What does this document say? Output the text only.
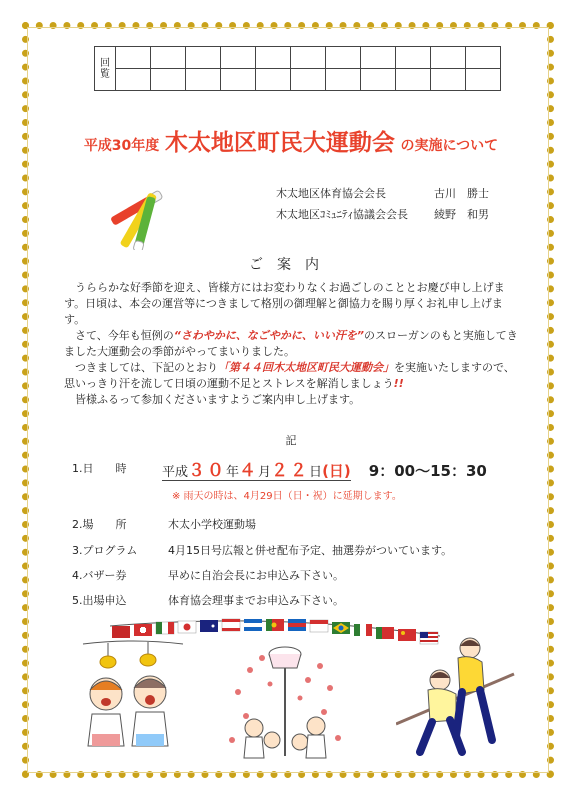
回
覧											

平成30年度 木太地区町民大運動会 の実施について
木太地区体育協会会長	古川　勝士
木太地区ｺﾐｭﾆﾃｨ協議会会長 綾野　和男
ご案内

　うららかな好季節を迎え、皆様方にはお変わりなくお過ごしのこととお慶び申し上げます。日頃は、本会の運営等につきまして格別の御理解と御協力を賜り厚くお礼申し上げます。

　さて、今年も恒例の“さわやかに、なごやかに、いい汗を”のスローガンのもと実施してきました大運動会の季節がやってまいりました。

　つきましては、下記のとおり「第４４回木太地区町民大運動会」を実施いたしますので、思いっきり汗を流して日頃の運動不足とストレスを解消しましょう!!

　皆様ふるって参加くださいますようご案内申し上げます。

記
1.日　　時	平成３０年４月２２日(日) 9：00〜15：30
※ 雨天の時は、4月29日（日・祝）に延期します。
2.場　　所	木太小学校運動場
3.プログラム	4月15日号広報と併せ配布予定、抽選券がついています。
4.バザー券	早めに自治会長にお申込み下さい。
5.出場申込	体育協会理事までお申込み下さい。
